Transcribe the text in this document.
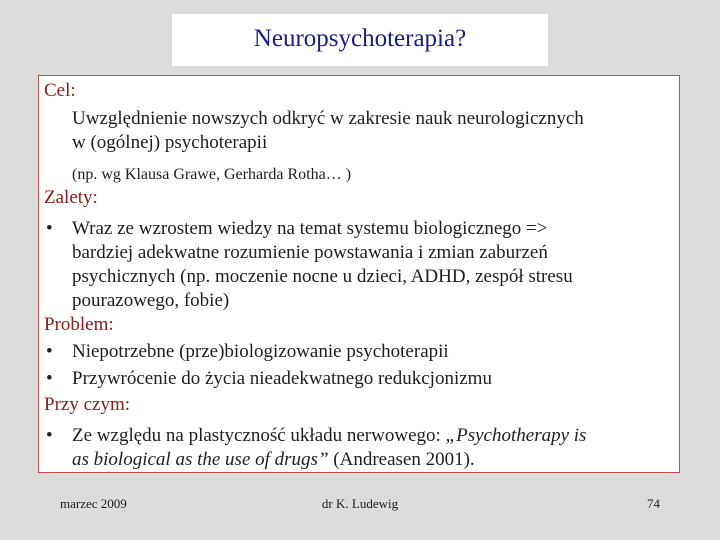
Neuropsychoterapia?
Cel:
Uwzględnienie nowszych odkryć w zakresie nauk neurologicznych
w (ogólnej) psychoterapii
(np. wg Klausa Grawe, Gerharda Rotha… )
Zalety:
• Wraz ze wzrostem wiedzy na temat systemu biologicznego =>
bardziej adekwatne rozumienie powstawania i zmian zaburzeń
psychicznych (np. moczenie nocne u dzieci, ADHD, zespół stresu
pourazowego, fobie)
Problem:
• Niepotrzebne (prze)biologizowanie psychoterapii
• Przywrócenie do życia nieadekwatnego redukcjonizmu
Przy czym:
• Ze względu na plastyczność układu nerwowego: „Psychotherapy is
as biological as the use of drugs” (Andreasen 2001).
marzec 2009	dr K. Ludewig	74
